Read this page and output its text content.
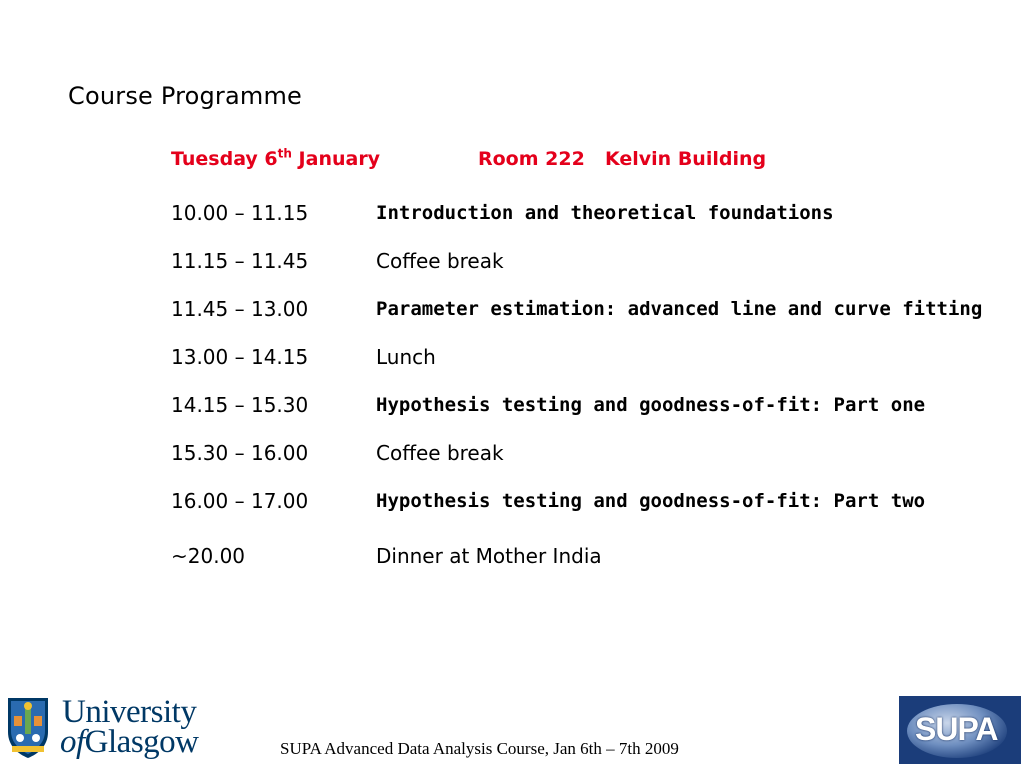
Course Programme
Tuesday 6th January	Room 222 Kelvin Building
10.00 – 11.15	Introduction and theoretical foundations
11.15 – 11.45	Coffee break
11.45 – 13.00	Parameter estimation: advanced line and curve fitting
13.00 – 14.15	Lunch
14.15 – 15.30	Hypothesis testing and goodness-of-fit: Part one
15.30 – 16.00	Coffee break
16.00 – 17.00	Hypothesis testing and goodness-of-fit: Part two
~20.00	Dinner at Mother India
University
ofGlasgow	SUPA Advanced Data Analysis Course, Jan 6th – 7th 2009
SUPA
